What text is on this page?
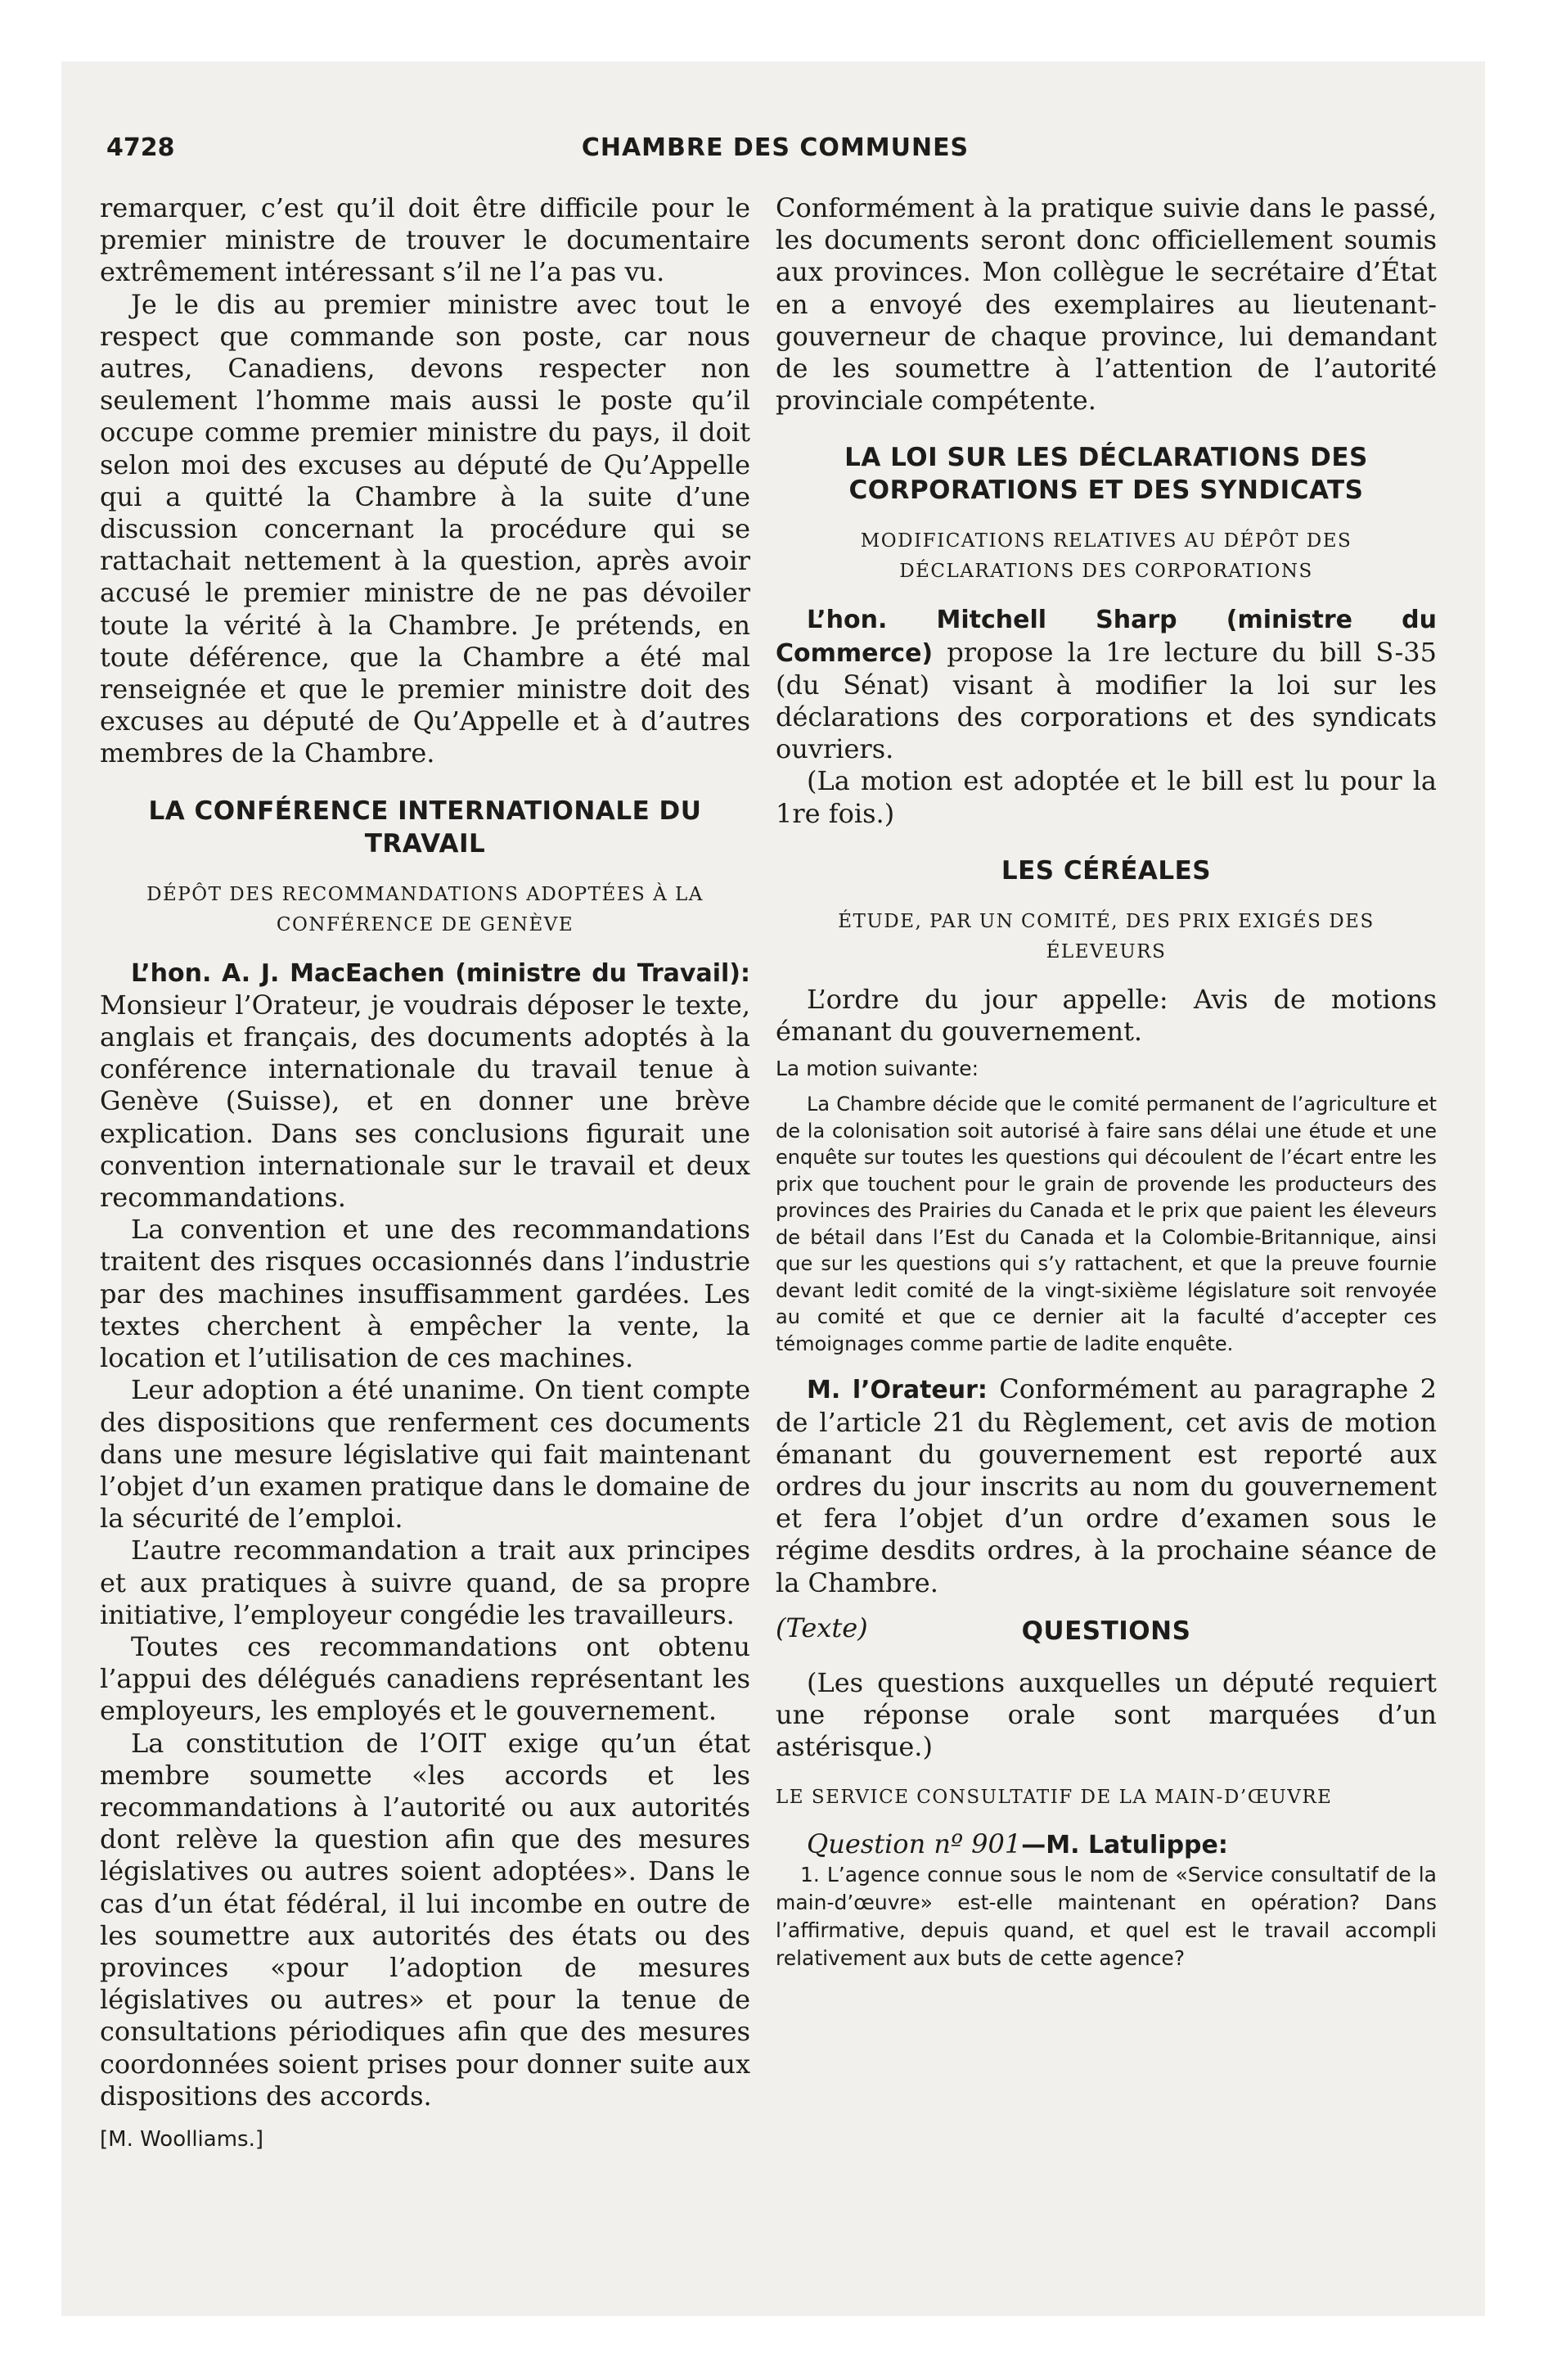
4728	CHAMBRE DES COMMUNES

remarquer, c’est qu’il doit être difficile pour le premier ministre de trouver le documentaire extrêmement intéressant s’il ne l’a pas vu.

Je le dis au premier ministre avec tout le respect que commande son poste, car nous autres, Canadiens, devons respecter non seulement l’homme mais aussi le poste qu’il occupe comme premier ministre du pays, il doit selon moi des excuses au député de Qu’Appelle qui a quitté la Chambre à la suite d’une discussion concernant la procédure qui se rattachait nettement à la question, après avoir accusé le premier ministre de ne pas dévoiler toute la vérité à la Chambre. Je prétends, en toute déférence, que la Chambre a été mal renseignée et que le premier ministre doit des excuses au député de Qu’Appelle et à d’autres membres de la Chambre.

LA CONFÉRENCE INTERNATIONALE DU TRAVAIL
DÉPÔT DES RECOMMANDATIONS ADOPTÉES À LA CONFÉRENCE DE GENÈVE

L’hon. A. J. MacEachen (ministre du Travail): Monsieur l’Orateur, je voudrais déposer le texte, anglais et français, des documents adoptés à la conférence internationale du travail tenue à Genève (Suisse), et en donner une brève explication. Dans ses conclusions figurait une convention internationale sur le travail et deux recommandations.

La convention et une des recommandations traitent des risques occasionnés dans l’industrie par des machines insuffisamment gardées. Les textes cherchent à empêcher la vente, la location et l’utilisation de ces machines.

Leur adoption a été unanime. On tient compte des dispositions que renferment ces documents dans une mesure législative qui fait maintenant l’objet d’un examen pratique dans le domaine de la sécurité de l’emploi.

L’autre recommandation a trait aux principes et aux pratiques à suivre quand, de sa propre initiative, l’employeur congédie les travailleurs.

Toutes ces recommandations ont obtenu l’appui des délégués canadiens représentant les employeurs, les employés et le gouvernement.

La constitution de l’OIT exige qu’un état membre soumette «les accords et les recommandations à l’autorité ou aux autorités dont relève la question afin que des mesures législatives ou autres soient adoptées». Dans le cas d’un état fédéral, il lui incombe en outre de les soumettre aux autorités des états ou des provinces «pour l’adoption de mesures législatives ou autres» et pour la tenue de consultations périodiques afin que des mesures coordonnées soient prises pour donner suite aux dispositions des accords.

[M. Woolliams.]

Conformément à la pratique suivie dans le passé, les documents seront donc officiellement soumis aux provinces. Mon collègue le secrétaire d’État en a envoyé des exemplaires au lieutenant-gouverneur de chaque province, lui demandant de les soumettre à l’attention de l’autorité provinciale compétente.

LA LOI SUR LES DÉCLARATIONS DES CORPORATIONS ET DES SYNDICATS
MODIFICATIONS RELATIVES AU DÉPÔT DES DÉCLARATIONS DES CORPORATIONS

L’hon. Mitchell Sharp (ministre du Commerce) propose la 1re lecture du bill S-35 (du Sénat) visant à modifier la loi sur les déclarations des corporations et des syndicats ouvriers.

(La motion est adoptée et le bill est lu pour la 1re fois.)

LES CÉRÉALES
ÉTUDE, PAR UN COMITÉ, DES PRIX EXIGÉS DES ÉLEVEURS

L’ordre du jour appelle: Avis de motions émanant du gouvernement.

La motion suivante:

La Chambre décide que le comité permanent de l’agriculture et de la colonisation soit autorisé à faire sans délai une étude et une enquête sur toutes les questions qui découlent de l’écart entre les prix que touchent pour le grain de provende les producteurs des provinces des Prairies du Canada et le prix que paient les éleveurs de bétail dans l’Est du Canada et la Colombie-Britannique, ainsi que sur les questions qui s’y rattachent, et que la preuve fournie devant ledit comité de la vingt-sixième législature soit renvoyée au comité et que ce dernier ait la faculté d’accepter ces témoignages comme partie de ladite enquête.

M. l’Orateur: Conformément au paragraphe 2 de l’article 21 du Règlement, cet avis de motion émanant du gouvernement est reporté aux ordres du jour inscrits au nom du gouvernement et fera l’objet d’un ordre d’examen sous le régime desdits ordres, à la prochaine séance de la Chambre.

(Texte)	QUESTIONS

(Les questions auxquelles un député requiert une réponse orale sont marquées d’un astérisque.)

LE SERVICE CONSULTATIF DE LA MAIN-D’ŒUVRE

Question nº 901—M. Latulippe:

1. L’agence connue sous le nom de «Service consultatif de la main-d’œuvre» est-elle maintenant en opération? Dans l’affirmative, depuis quand, et quel est le travail accompli relativement aux buts de cette agence?
